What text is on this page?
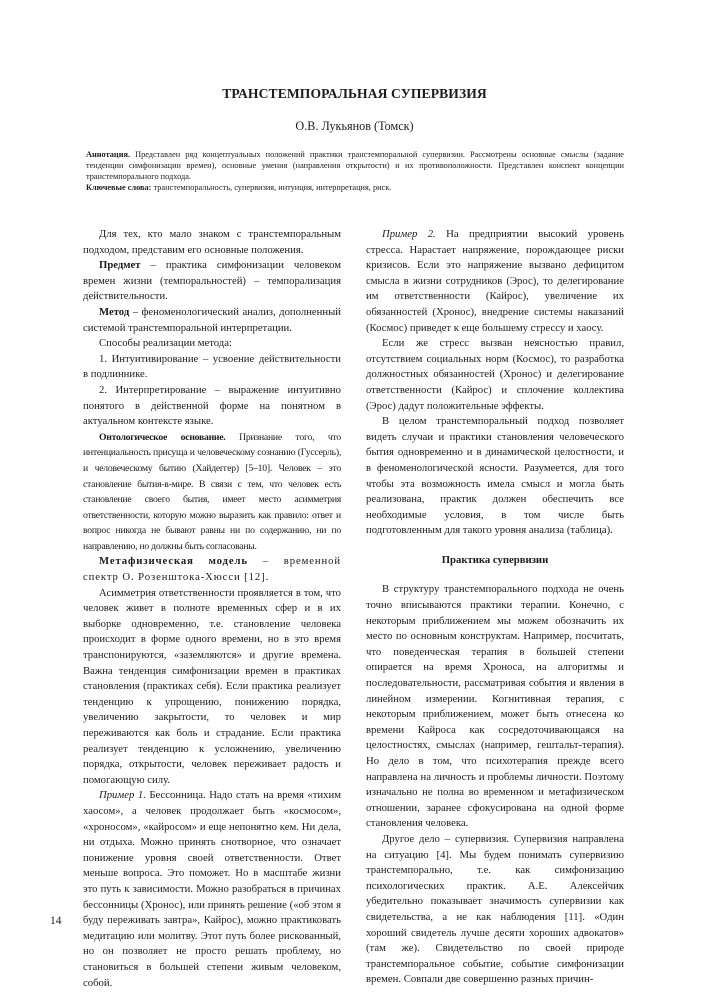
ТРАНСТЕМПОРАЛЬНАЯ СУПЕРВИЗИЯ
О.В. Лукьянов (Томск)

Аннотация. Представлен ряд концептуальных положений практики транстемпоральной супервизии. Рассмотрены основные смыслы (задание тенденции симфонизации времен), основные умения (направления открытости) и их противоположности. Представлен конспект концепции транстемпорального подхода.

Ключевые слова: транстемпоральность, супервизия, интуиция, интерпретация, риск.

Для тех, кто мало знаком с транстемпоральным подходом, представим его основные положения.

Предмет – практика симфонизации человеком времен жизни (темпоральностей) – темпорализация действительности.

Метод – феноменологический анализ, дополненный системой транстемпоральной интерпретации.

Способы реализации метода:

1. Интуитивирование – усвоение действительности в подлиннике.

2. Интерпретирование – выражение интуитивно понятого в действенной форме на понятном в актуальном контексте языке.

Онтологическое основание. Признание того, что интенциальность присуща и человеческому сознанию (Гуссерль), и человеческому бытию (Хайдеггер) [5–10]. Человек – это становление бытия-в-мире. В связи с тем, что человек есть становление своего бытия, имеет место асимметрия ответственности, которую можно выразить как правило: ответ и вопрос никогда не бывают равны ни по содержанию, ни по направлению, но должны быть согласованы.

Метафизическая модель – временной спектр О. Розенштока-Хюсси [12].

Асимметрия ответственности проявляется в том, что человек живет в полноте временных сфер и в их выборке одновременно, т.е. становление человека происходит в форме одного времени, но в это время транспонируются, «заземляются» и другие времена. Важна тенденция симфонизации времен в практиках становления (практиках себя). Если практика реализует тенденцию к упрощению, понижению порядка, увеличению закрытости, то человек и мир переживаются как боль и страдание. Если практика реализует тенденцию к усложнению, увеличению порядка, открытости, человек переживает радость и помогающую силу.

Пример 1. Бессонница. Надо стать на время «тихим хаосом», а человек продолжает быть «космосом», «хроносом», «кайросом» и еще непонятно кем. Ни дела, ни отдыха. Можно принять снотворное, что означает понижение уровня своей ответственности. Ответ меньше вопроса. Это поможет. Но в масштабе жизни это путь к зависимости. Можно разобраться в причинах бессонницы (Хронос), или принять решение («об этом я буду переживать завтра», Кайрос), можно практиковать медитацию или молитву. Этот путь более рискованный, но он позволяет не просто решать проблему, но становиться в большей степени живым человеком, собой.

Пример 2. На предприятии высокий уровень стресса. Нарастает напряжение, порождающее риски кризисов. Если это напряжение вызвано дефицитом смысла в жизни сотрудников (Эрос), то делегирование им ответственности (Кайрос), увеличение их обязанностей (Хронос), внедрение системы наказаний (Космос) приведет к еще большему стрессу и хаосу.

Если же стресс вызван неясностью правил, отсутствием социальных норм (Космос), то разработка должностных обязанностей (Хронос) и делегирование ответственности (Кайрос) и сплочение коллектива (Эрос) дадут положительные эффекты.

В целом транстемпоральный подход позволяет видеть случаи и практики становления человеческого бытия одновременно и в динамической целостности, и в феноменологической ясности. Разумеется, для того чтобы эта возможность имела смысл и могла быть реализована, практик должен обеспечить все необходимые условия, в том числе быть подготовленным для такого уровня анализа (таблица).

Практика супервизии

В структуру транстемпорального подхода не очень точно вписываются практики терапии. Конечно, с некоторым приближением мы можем обозначить их место по основным конструктам. Например, посчитать, что поведенческая терапия в большей степени опирается на время Хроноса, на алгоритмы и последовательности, рассматривая события и явления в линейном измерении. Когнитивная терапия, с некоторым приближением, может быть отнесена ко времени Кайроса как сосредоточивающаяся на целостностях, смыслах (например, гештальт-терапия). Но дело в том, что психотерапия прежде всего направлена на личность и проблемы личности. Поэтому изначально не полна во временном и метафизическом отношении, заранее сфокусирована на одной форме становления человека.

Другое дело – супервизия. Супервизия направлена на ситуацию [4]. Мы будем понимать супервизию транстемпорально, т.е. как симфонизацию психологических практик. А.Е. Алексейчик убедительно показывает значимость супервизии как свидетельства, а не как наблюдения [11]. «Один хороший свидетель лучше десяти хороших адвокатов» (там же). Свидетельство по своей природе транстемпоральное событие, событие симфонизации времен. Совпали две совершенно разных причин-

14
